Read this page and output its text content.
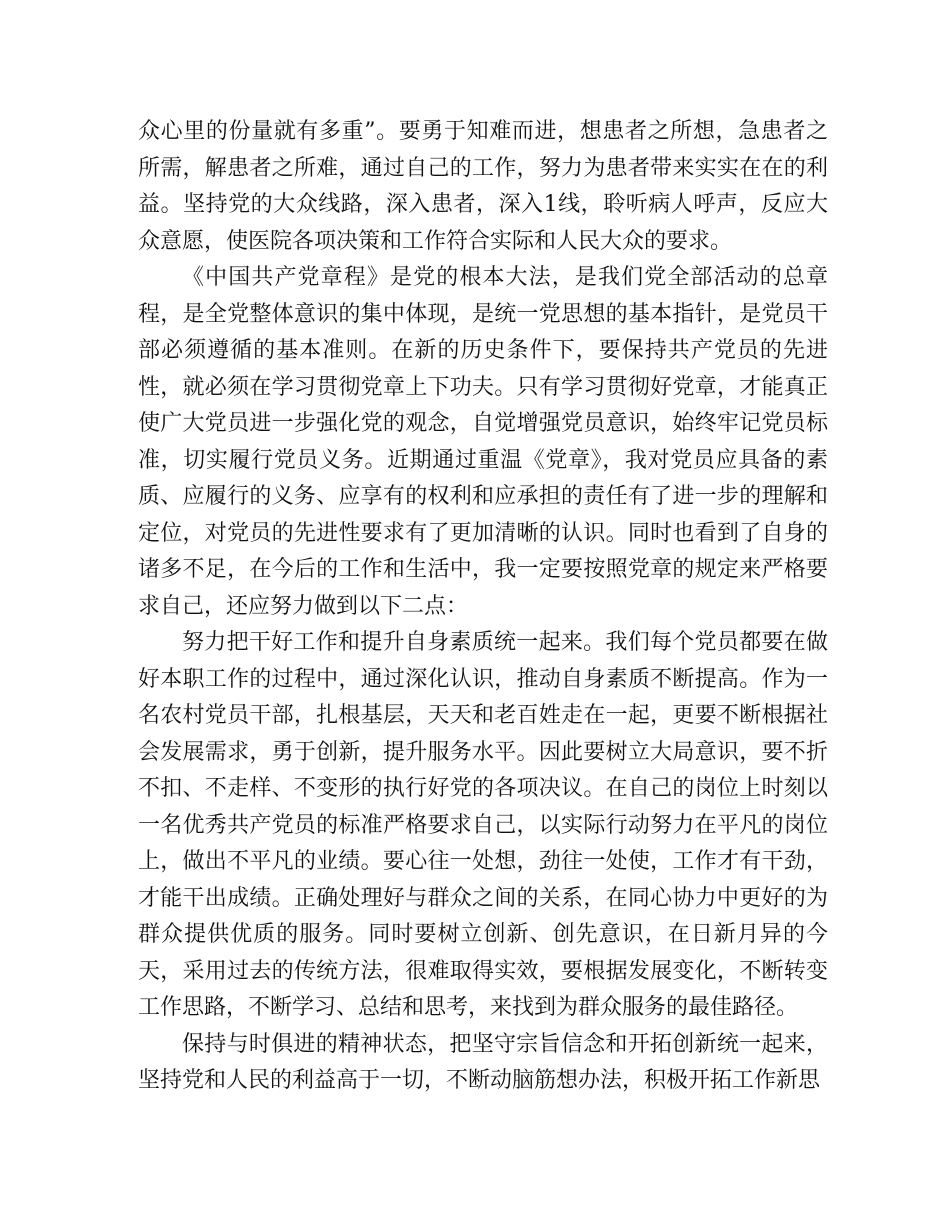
众心里的份量就有多重”。要勇于知难而进，想患者之所想，急患者之所需，解患者之所难，通过自己的工作，努力为患者带来实实在在的利益。坚持党的大众线路，深入患者，深入1线，聆听病人呼声，反应大众意愿，使医院各项决策和工作符合实际和人民大众的要求。

《中国共产党章程》是党的根本大法，是我们党全部活动的总章程，是全党整体意识的集中体现，是统一党思想的基本指针，是党员干部必须遵循的基本准则。在新的历史条件下，要保持共产党员的先进性，就必须在学习贯彻党章上下功夫。只有学习贯彻好党章，才能真正使广大党员进一步强化党的观念，自觉增强党员意识，始终牢记党员标准，切实履行党员义务。近期通过重温《党章》，我对党员应具备的素质、应履行的义务、应享有的权利和应承担的责任有了进一步的理解和定位，对党员的先进性要求有了更加清晰的认识。同时也看到了自身的诸多不足，在今后的工作和生活中，我一定要按照党章的规定来严格要求自己，还应努力做到以下二点：

努力把干好工作和提升自身素质统一起来。我们每个党员都要在做好本职工作的过程中，通过深化认识，推动自身素质不断提高。作为一名农村党员干部，扎根基层，天天和老百姓走在一起，更要不断根据社会发展需求，勇于创新，提升服务水平。因此要树立大局意识，要不折不扣、不走样、不变形的执行好党的各项决议。在自己的岗位上时刻以一名优秀共产党员的标准严格要求自己，以实际行动努力在平凡的岗位上，做出不平凡的业绩。要心往一处想，劲往一处使，工作才有干劲，才能干出成绩。正确处理好与群众之间的关系，在同心协力中更好的为群众提供优质的服务。同时要树立创新、创先意识，在日新月异的今天，采用过去的传统方法，很难取得实效，要根据发展变化，不断转变工作思路，不断学习、总结和思考，来找到为群众服务的最佳路径。

保持与时俱进的精神状态，把坚守宗旨信念和开拓创新统一起来，坚持党和人民的利益高于一切，不断动脑筋想办法，积极开拓工作新思
